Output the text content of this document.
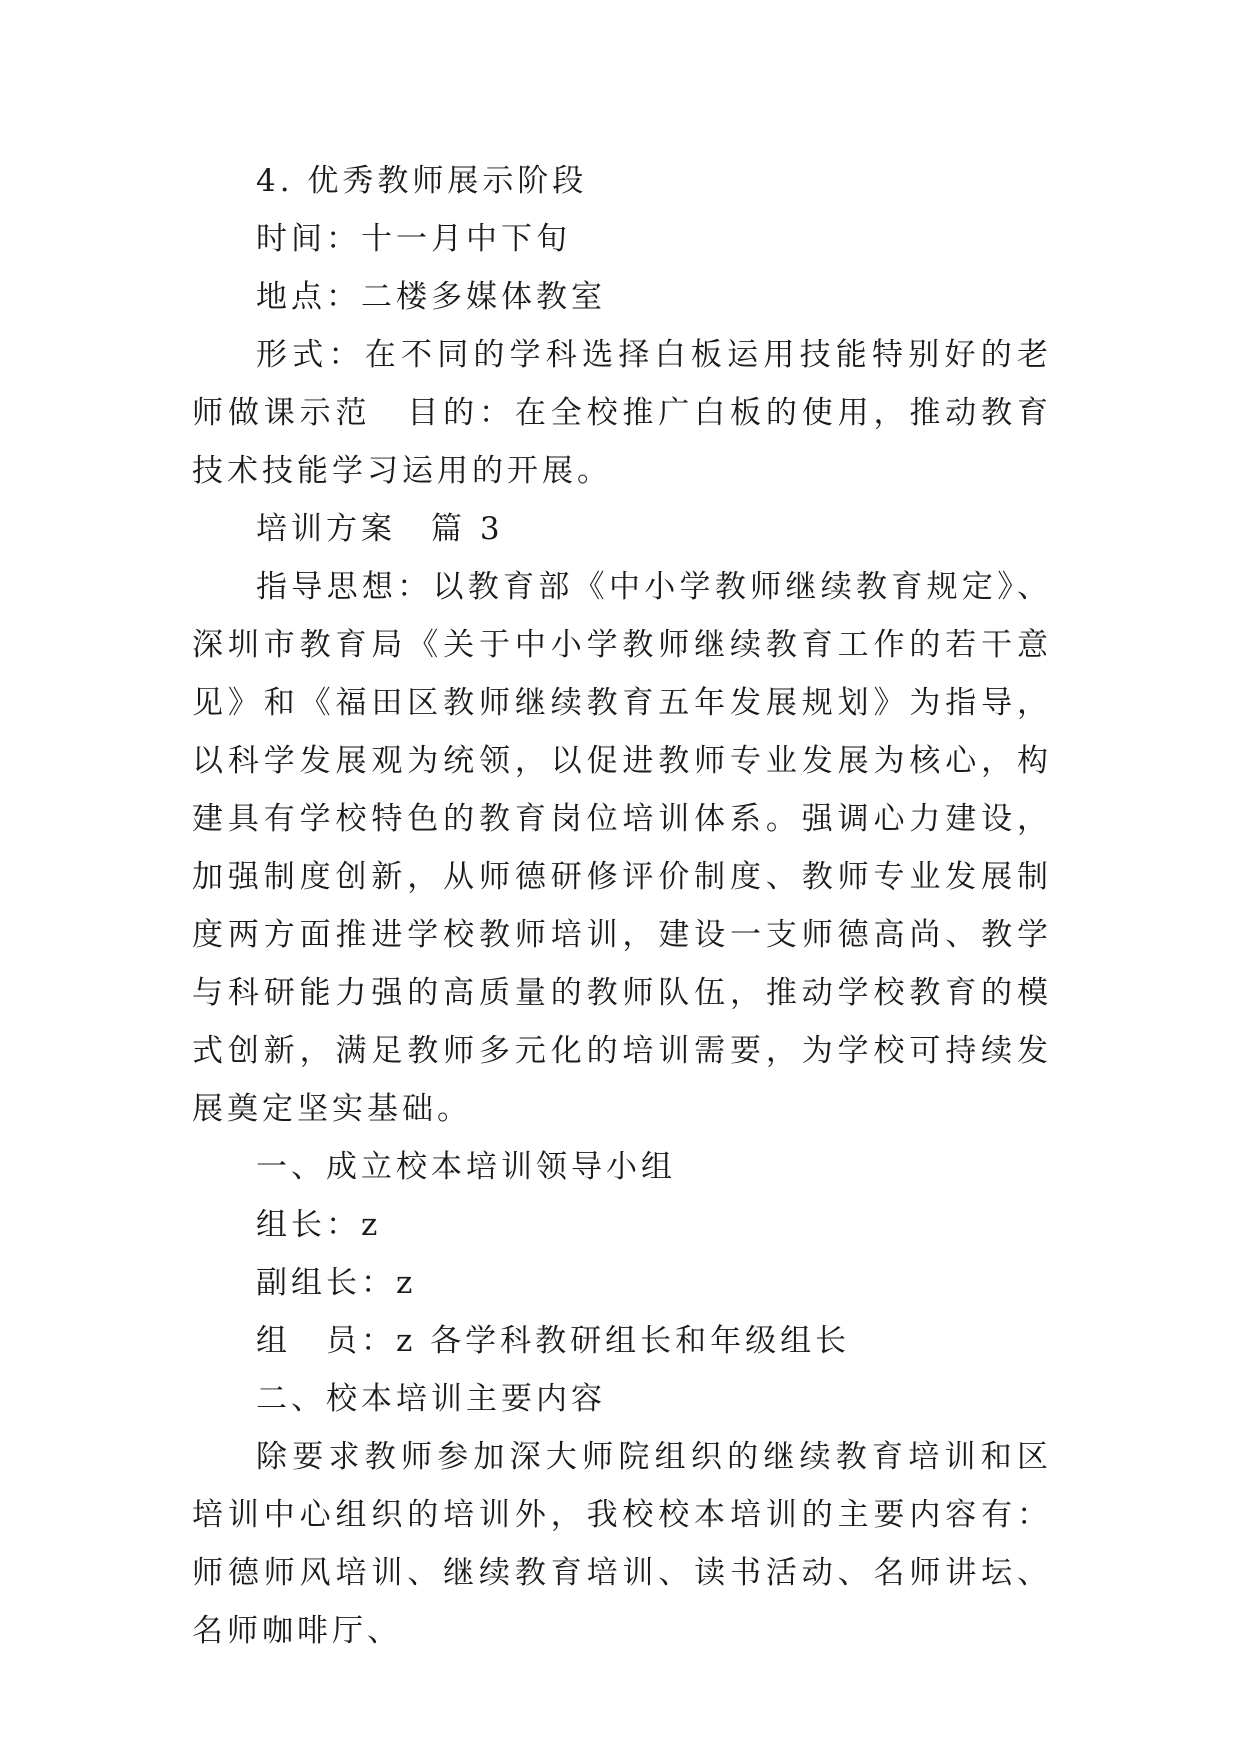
4. 优秀教师展示阶段

时间：十一月中下旬

地点：二楼多媒体教室

形式：在不同的学科选择白板运用技能特别好的老师做课示范　目的：在全校推广白板的使用，推动教育技术技能学习运用的开展。

培训方案　篇 3

指导思想：以教育部《中小学教师继续教育规定》、深圳市教育局《关于中小学教师继续教育工作的若干意见》和《福田区教师继续教育五年发展规划》为指导，以科学发展观为统领，以促进教师专业发展为核心，构建具有学校特色的教育岗位培训体系。强调心力建设，加强制度创新，从师德研修评价制度、教师专业发展制度两方面推进学校教师培训，建设一支师德高尚、教学与科研能力强的高质量的教师队伍，推动学校教育的模式创新，满足教师多元化的培训需要，为学校可持续发展奠定坚实基础。

一、成立校本培训领导小组

组长：z

副组长：z

组　员：z 各学科教研组长和年级组长

二、校本培训主要内容

除要求教师参加深大师院组织的继续教育培训和区培训中心组织的培训外，我校校本培训的主要内容有：师德师风培训、继续教育培训、读书活动、名师讲坛、名师咖啡厅、
